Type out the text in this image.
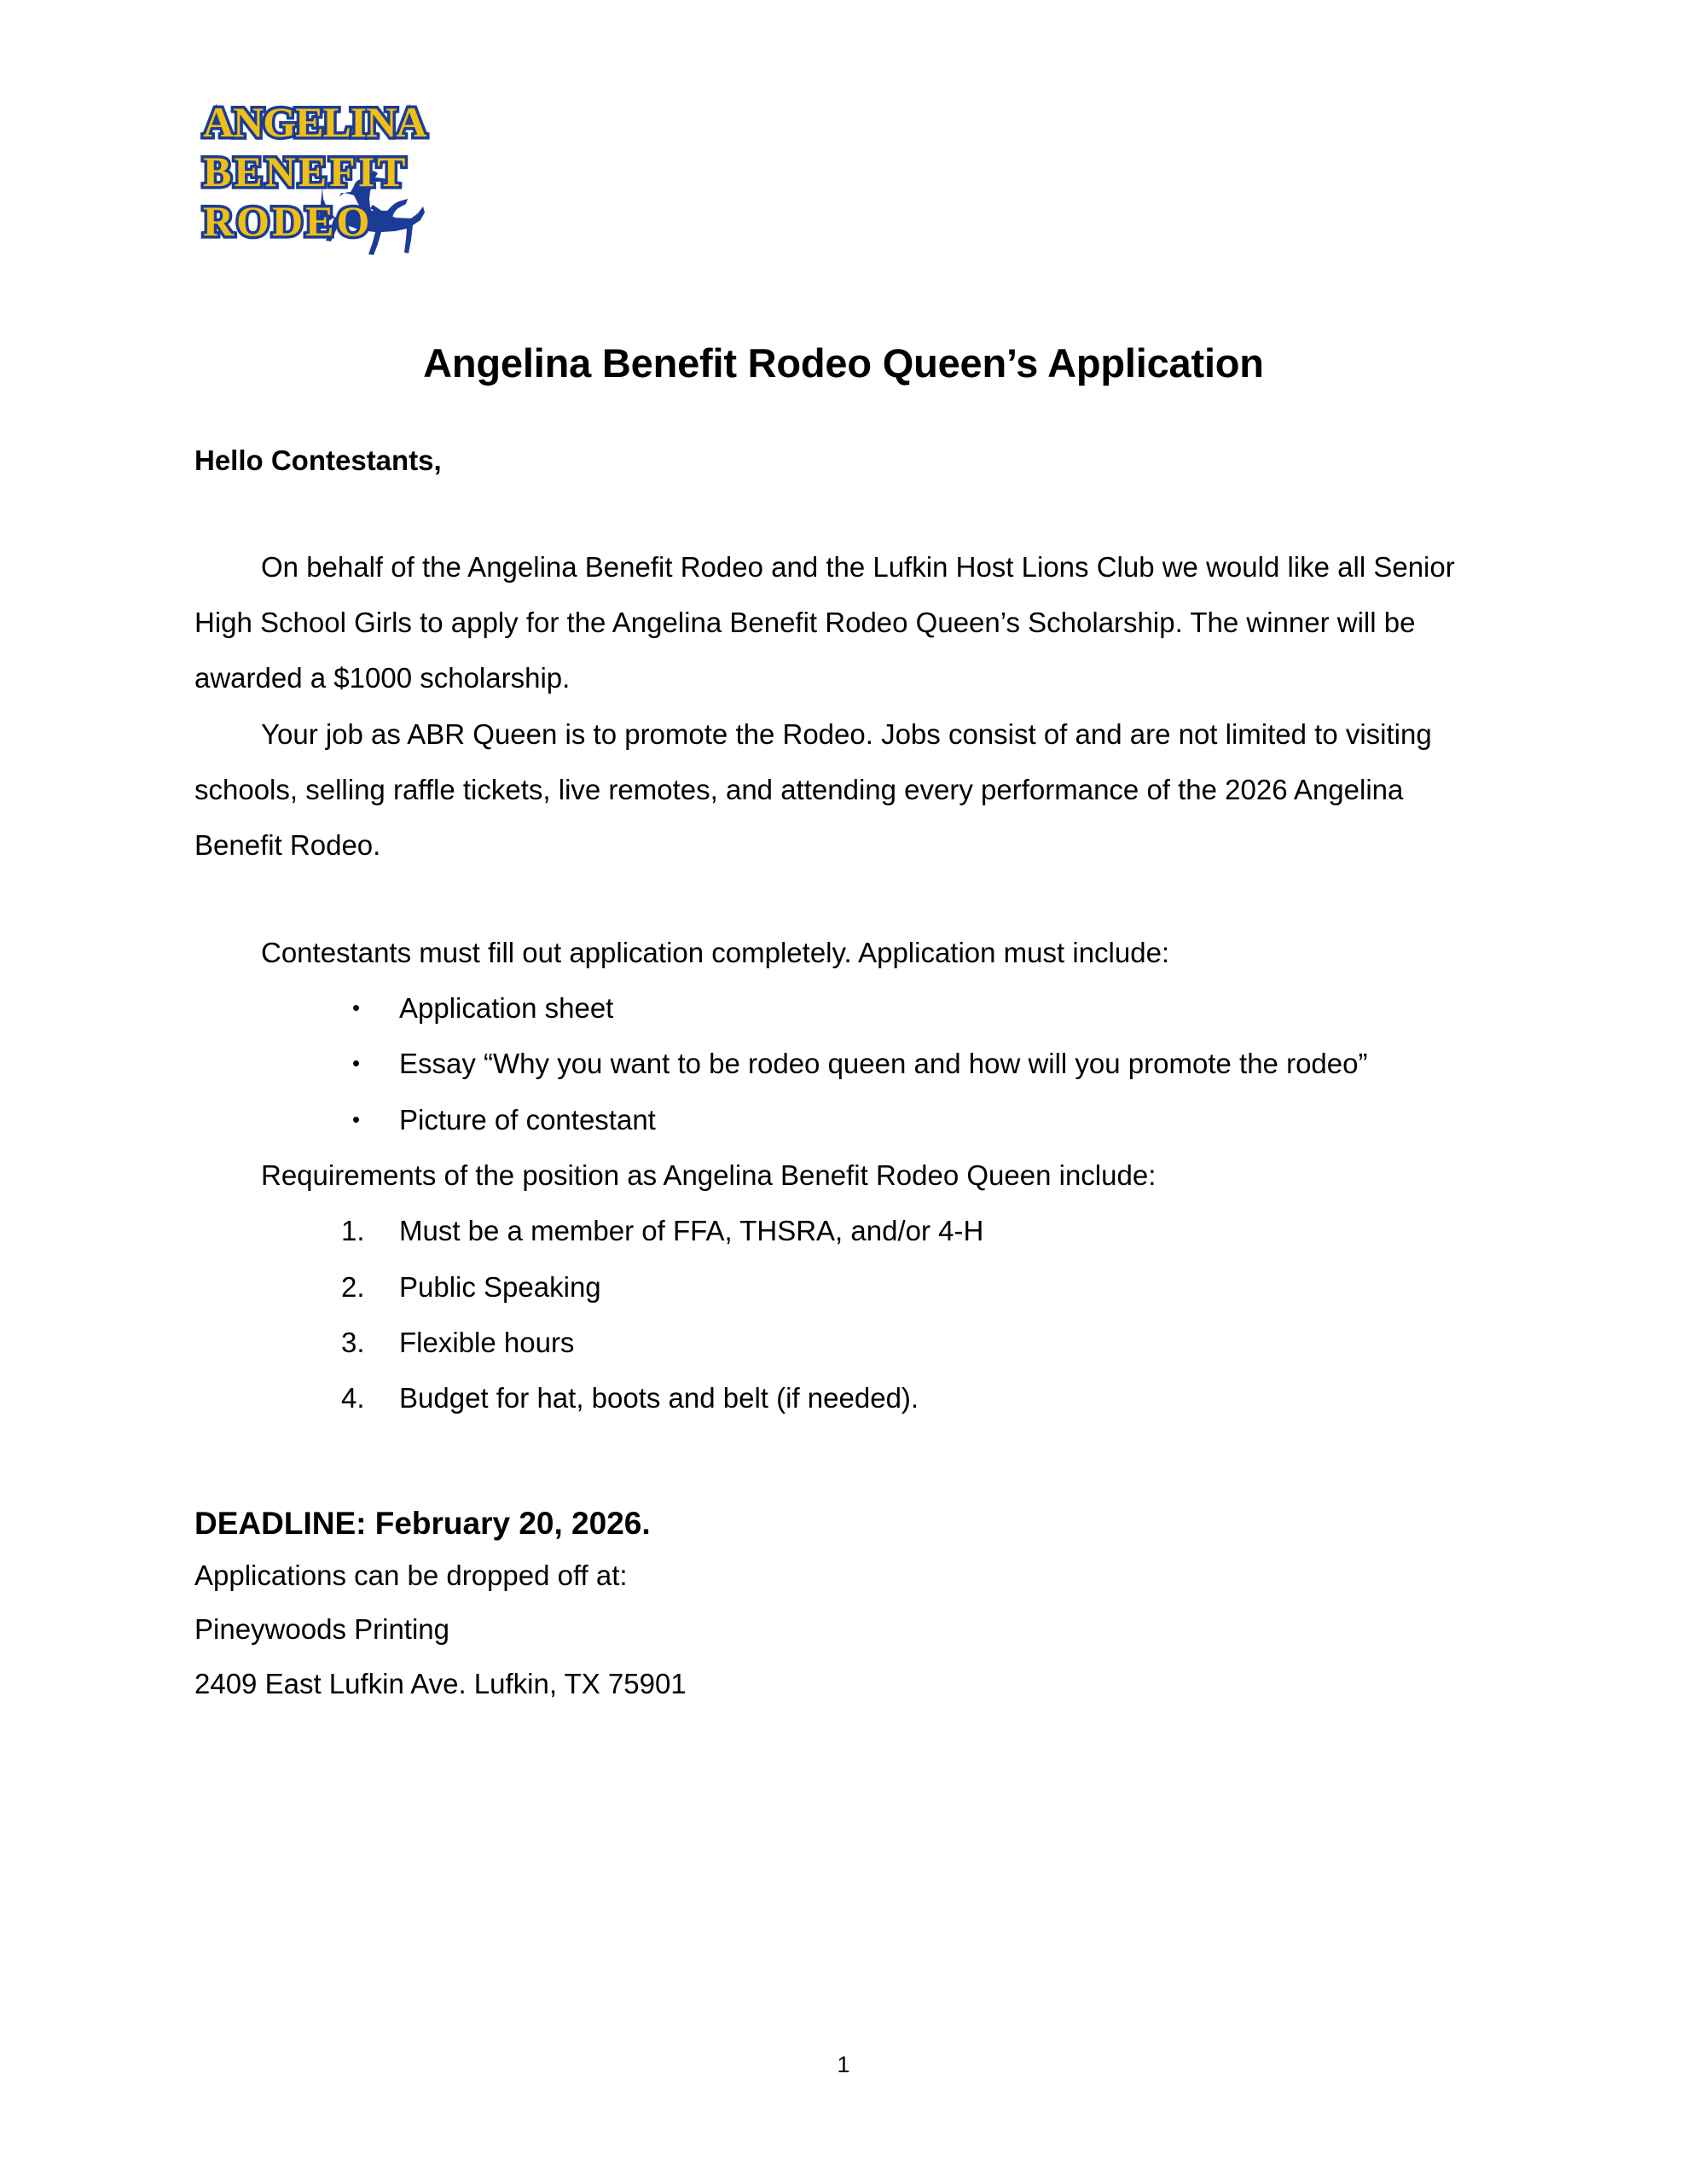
ANGELINA
BENEFIT
RODEO
Angelina Benefit Rodeo Queen’s Application
Hello Contestants,

On behalf of the Angelina Benefit Rodeo and the Lufkin Host Lions Club we would like all Senior High School Girls to apply for the Angelina Benefit Rodeo Queen’s Scholarship. The winner will be awarded a $1000 scholarship.

Your job as ABR Queen is to promote the Rodeo. Jobs consist of and are not limited to visiting schools, selling raffle tickets, live remotes, and attending every performance of the 2026 Angelina Benefit Rodeo.

Contestants must fill out application completely. Application must include:

• Application sheet
• Essay “Why you want to be rodeo queen and how will you promote the rodeo”
• Picture of contestant

Requirements of the position as Angelina Benefit Rodeo Queen include:

Must be a member of FFA, THSRA, and/or 4-H
Public Speaking
Flexible hours
Budget for hat, boots and belt (if needed).

DEADLINE: February 20, 2026.

Applications can be dropped off at:

Pineywoods Printing

2409 East Lufkin Ave. Lufkin, TX 75901

1
